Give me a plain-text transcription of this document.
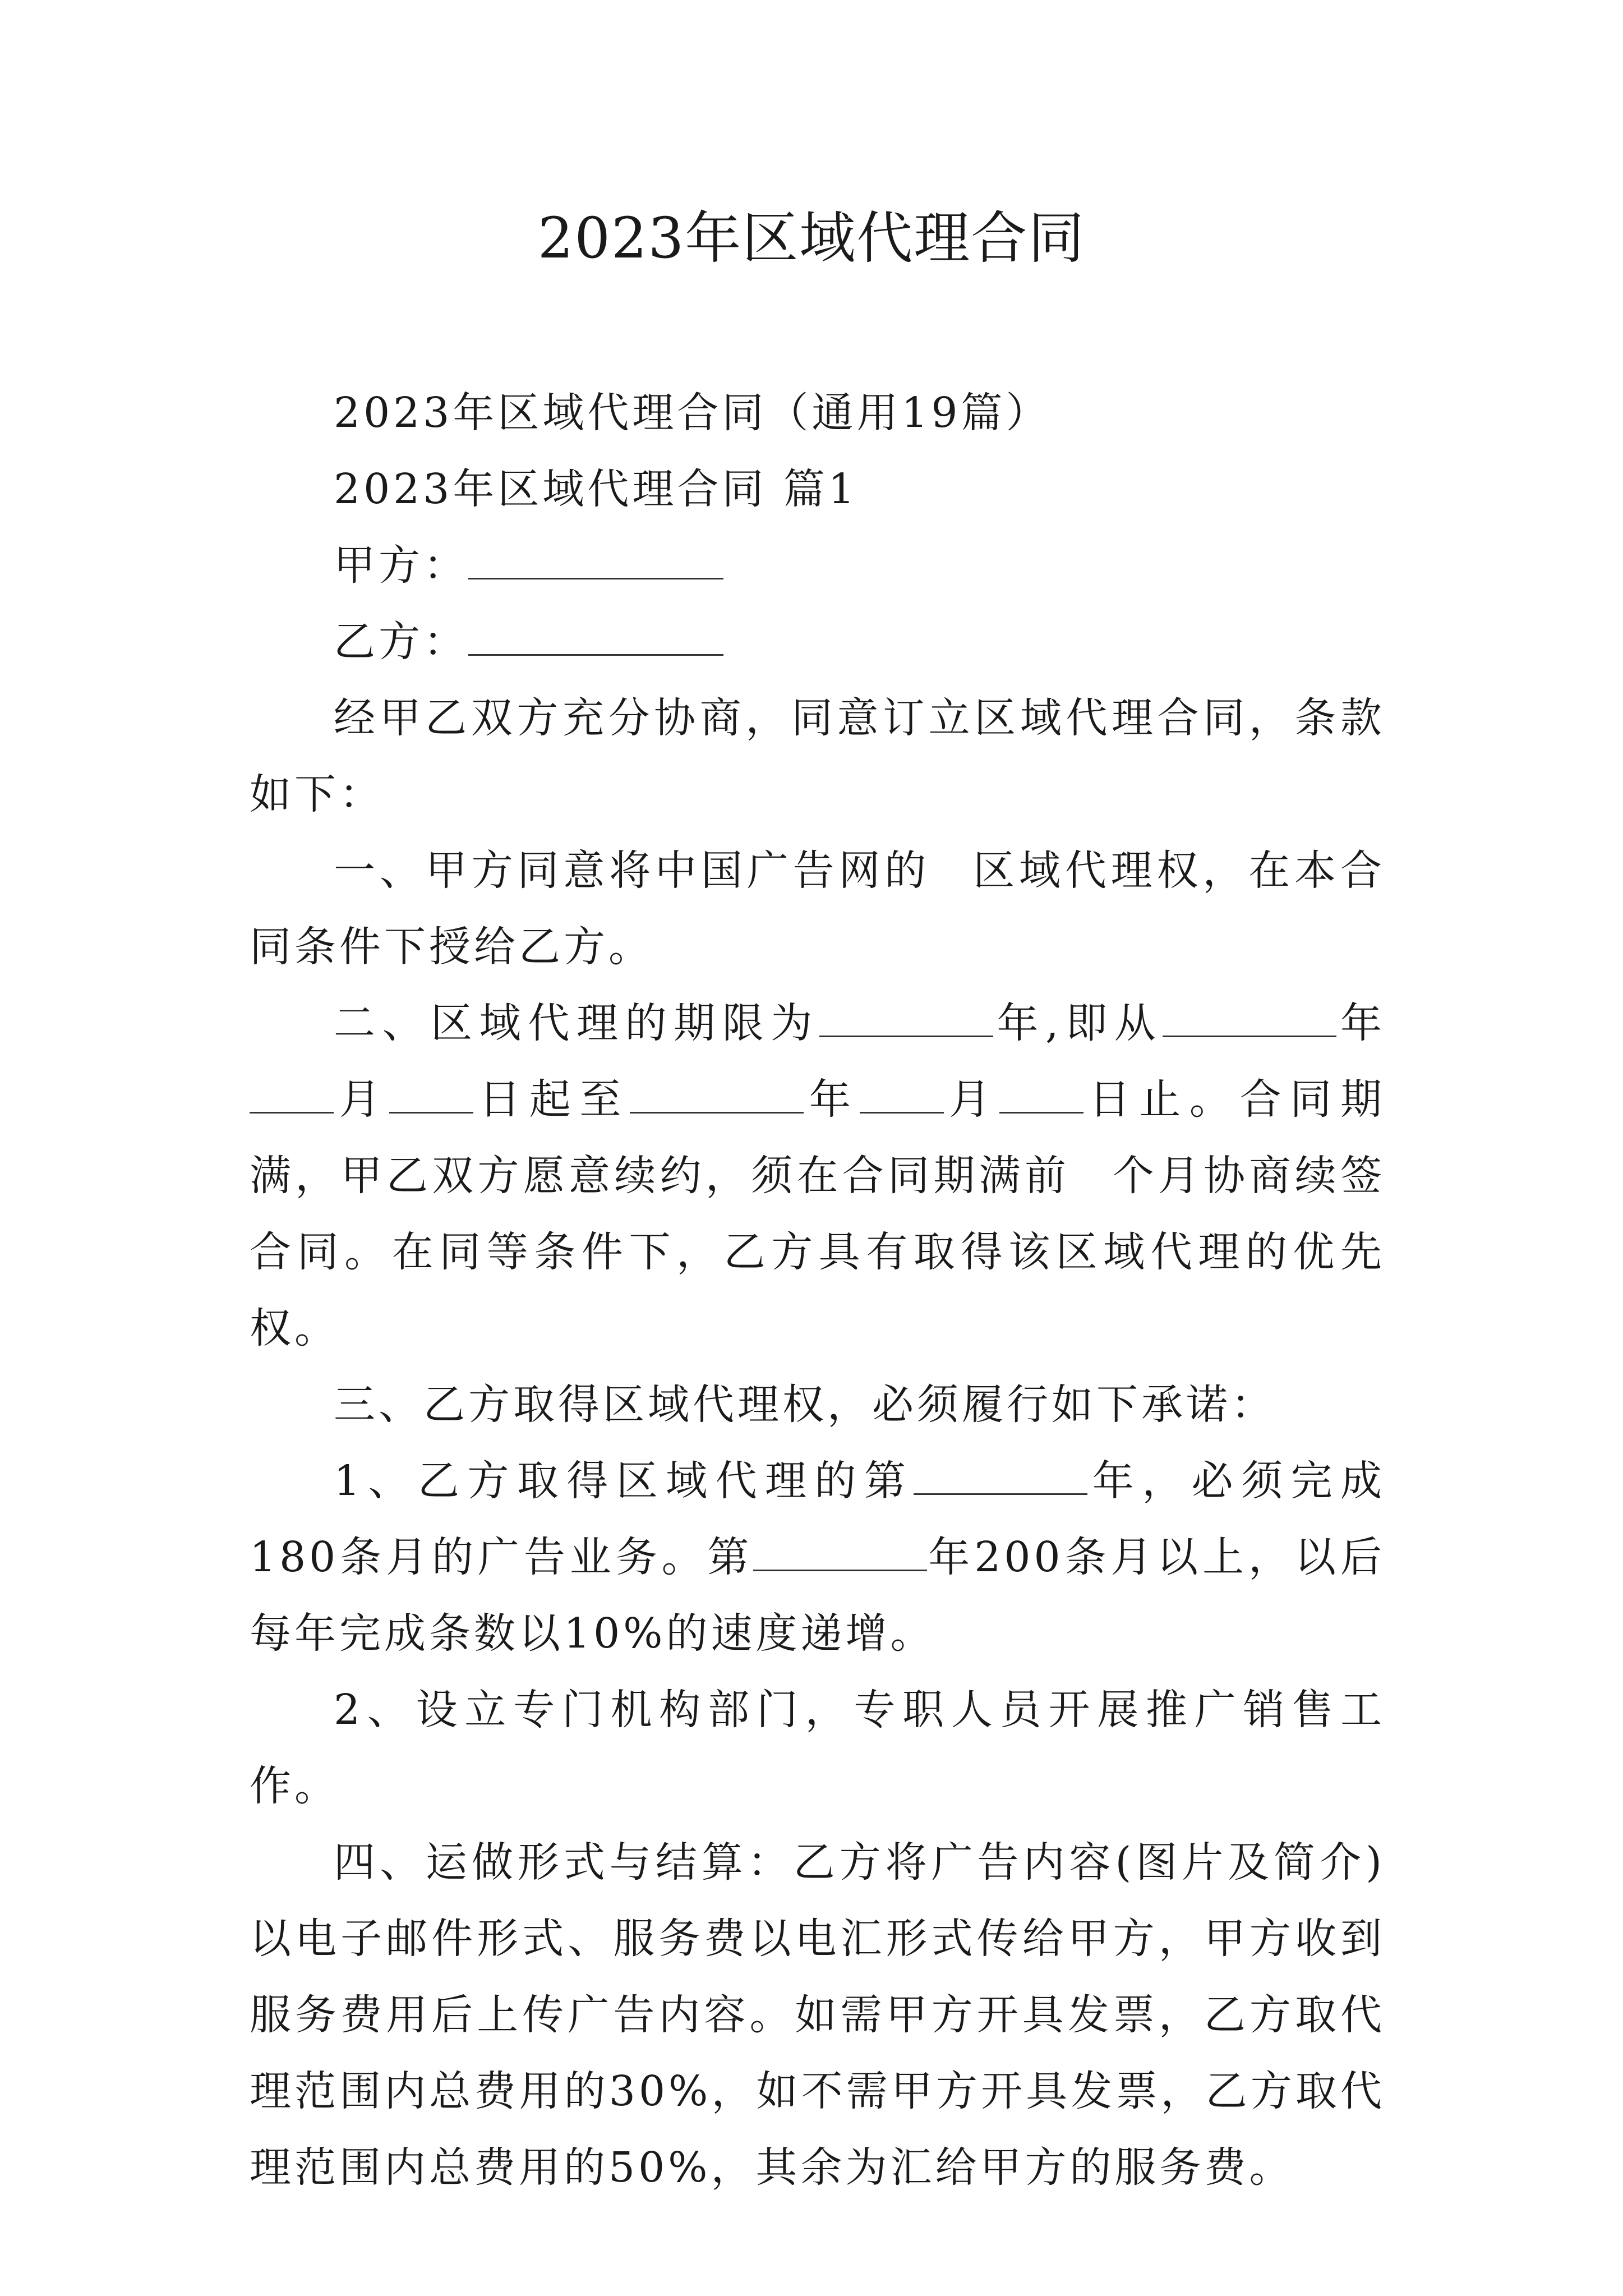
2023年区域代理合同

2023年区域代理合同（通用19篇）

2023年区域代理合同 篇1

甲方：

乙方：

经甲乙双方充分协商，同意订立区域代理合同，条款如下：

一、甲方同意将中国广告网的 区域代理权，在本合同条件下授给乙方。

二、区域代理的期限为	年,即从	年月 日起至	年 月 日止。合同期满，甲乙双方愿意续约，须在合同期满前 个月协商续签合同。在同等条件下，乙方具有取得该区域代理的优先权。

三、乙方取得区域代理权，必须履行如下承诺：

1、乙方取得区域代理的第	年，必须完成180条月的广告业务。第	年200条月以上，以后每年完成条数以10%的速度递增。

2、设立专门机构部门，专职人员开展推广销售工作。

四、运做形式与结算：乙方将广告内容(图片及简介)以电子邮件形式、服务费以电汇形式传给甲方，甲方收到服务费用后上传广告内容。如需甲方开具发票，乙方取代理范围内总费用的30%，如不需甲方开具发票，乙方取代理范围内总费用的50%，其余为汇给甲方的服务费。
